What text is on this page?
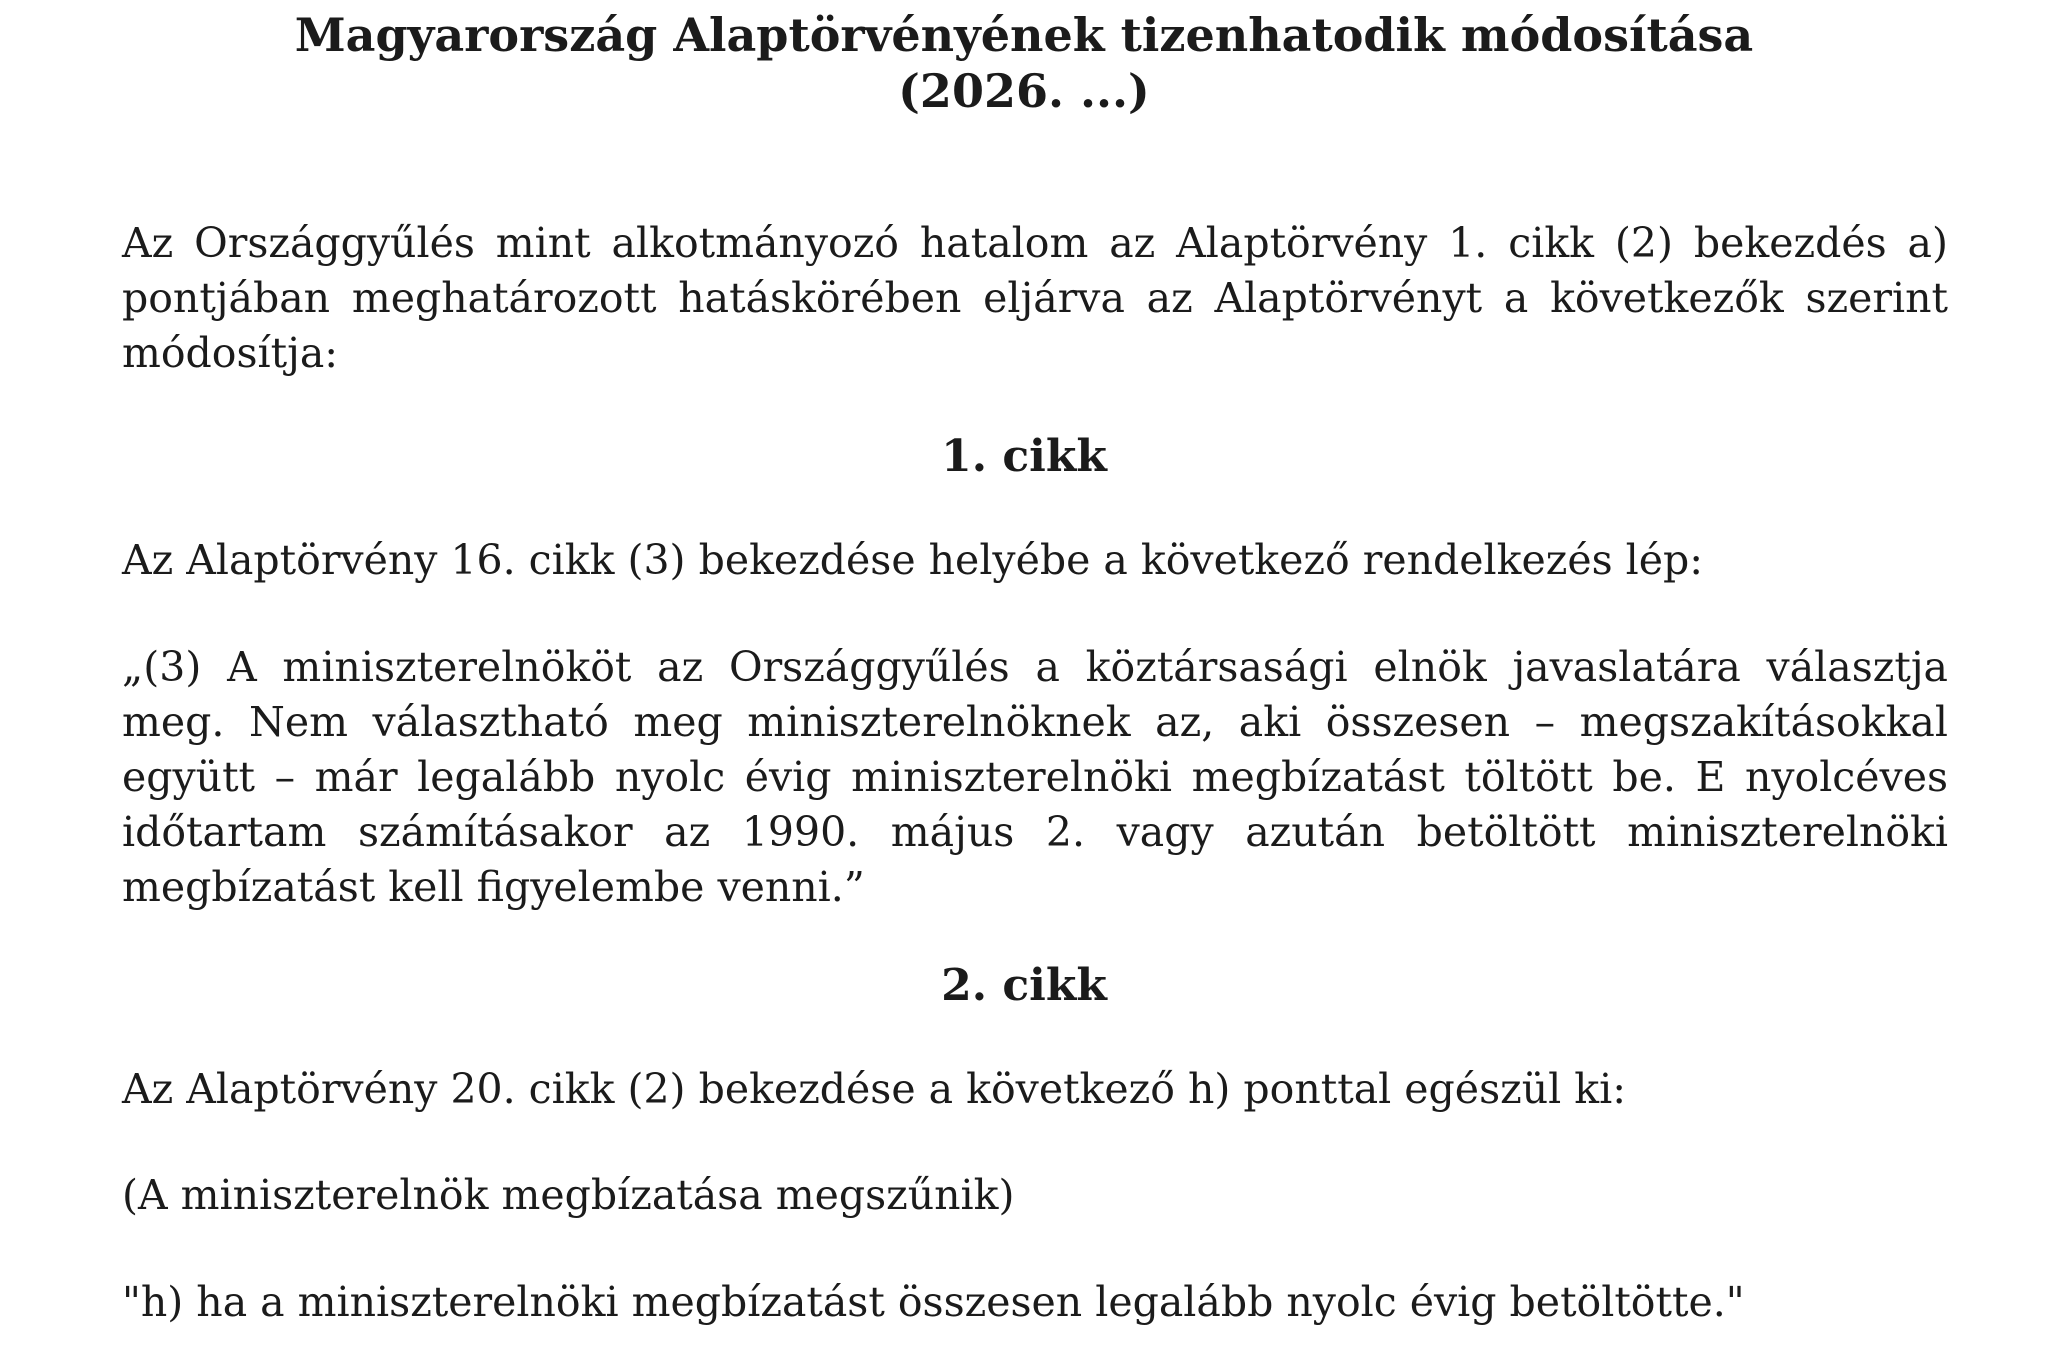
Magyarország Alaptörvényének tizenhatodik módosítása
(2026. ...)

Az Országgyűlés mint alkotmányozó hatalom az Alaptörvény 1. cikk (2) bekezdés a) pontjában meghatározott hatáskörében eljárva az Alaptörvényt a következők szerint módosítja:

1. cikk

Az Alaptörvény 16. cikk (3) bekezdése helyébe a következő rendelkezés lép:

„(3) A miniszterelnököt az Országgyűlés a köztársasági elnök javaslatára választja meg. Nem választható meg miniszterelnöknek az, aki összesen – megszakításokkal együtt – már legalább nyolc évig miniszterelnöki megbízatást töltött be. E nyolcéves időtartam számításakor az 1990. május 2. vagy azután betöltött miniszterelnöki megbízatást kell figyelembe venni.”

2. cikk

Az Alaptörvény 20. cikk (2) bekezdése a következő h) ponttal egészül ki:

(A miniszterelnök megbízatása megszűnik)

"h) ha a miniszterelnöki megbízatást összesen legalább nyolc évig betöltötte."
